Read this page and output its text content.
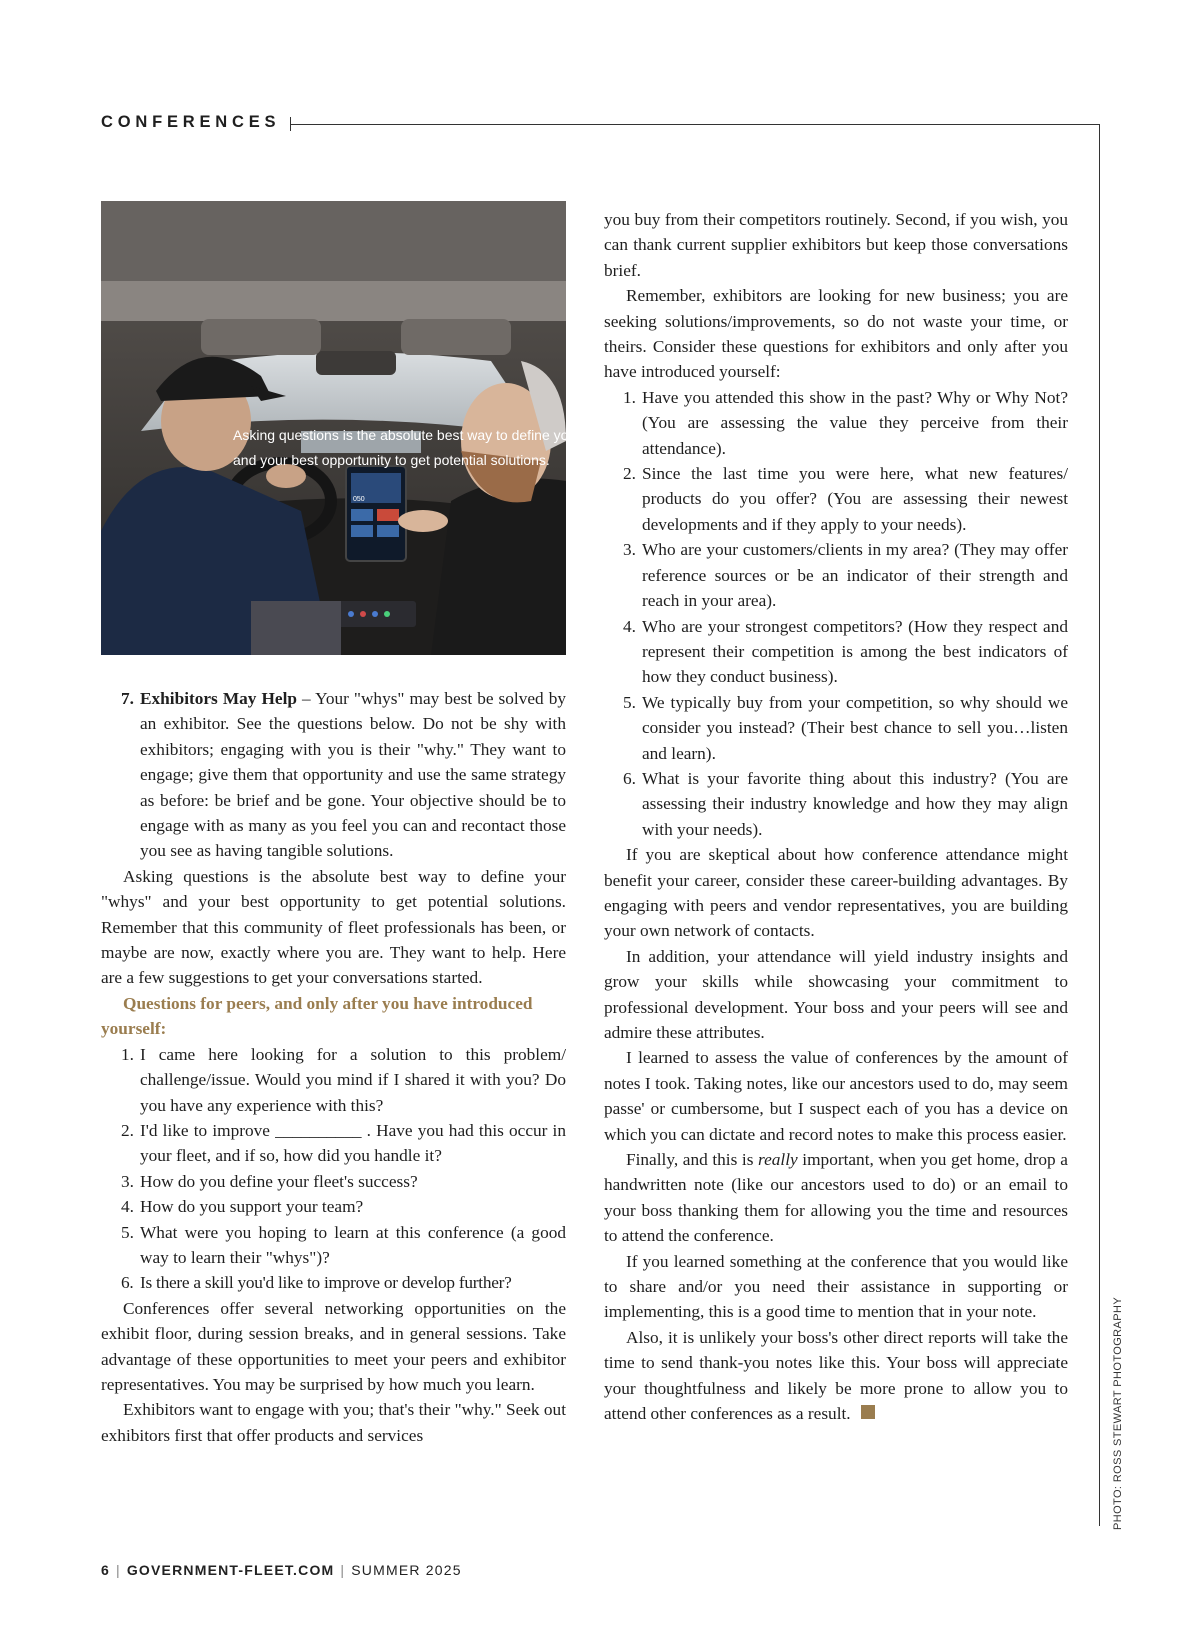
CONFERENCES
050
Asking questions is the absolute best way to define your "whys"
and your best opportunity to get potential solutions.
PHOTO: ROSS STEWART PHOTOGRAPHY
7. Exhibitors May Help – Your "whys" may best be solved by an exhibitor. See the questions below. Do not be shy with exhibitors; engaging with you is their "why." They want to engage; give them that opportunity and use the same strategy as before: be brief and be gone. Your objective should be to engage with as many as you feel you can and recontact those you see as having tangible solutions.

Asking questions is the absolute best way to define your "whys" and your best opportunity to get potential solutions. Remember that this community of fleet professionals has been, or maybe are now, exactly where you are. They want to help. Here are a few suggestions to get your conversations started.

Questions for peers, and only after you have introduced yourself:

1. I came here looking for a solution to this problem/ challenge/issue. Would you mind if I shared it with you? Do you have any experience with this?
2. I'd like to improve __________ . Have you had this occur in your fleet, and if so, how did you handle it?
3. How do you define your fleet's success?
4. How do you support your team?
5. What were you hoping to learn at this conference (a good way to learn their "whys")?
6. Is there a skill you'd like to improve or develop further?

Conferences offer several networking opportunities on the exhibit floor, during session breaks, and in general sessions. Take advantage of these opportunities to meet your peers and exhibitor representatives. You may be surprised by how much you learn.

Exhibitors want to engage with you; that's their "why." Seek out exhibitors first that offer products and services

you buy from their competitors routinely. Second, if you wish, you can thank current supplier exhibitors but keep those conversations brief.

Remember, exhibitors are looking for new business; you are seeking solutions/improvements, so do not waste your time, or theirs. Consider these questions for exhibitors and only after you have introduced yourself:

1. Have you attended this show in the past? Why or Why Not? (You are assessing the value they perceive from their attendance).
2. Since the last time you were here, what new features/ products do you offer? (You are assessing their newest developments and if they apply to your needs).
3. Who are your customers/clients in my area? (They may offer reference sources or be an indicator of their strength and reach in your area).
4. Who are your strongest competitors? (How they respect and represent their competition is among the best indicators of how they conduct business).
5. We typically buy from your competition, so why should we consider you instead? (Their best chance to sell you…listen and learn).
6. What is your favorite thing about this industry? (You are assessing their industry knowledge and how they may align with your needs).

If you are skeptical about how conference attendance might benefit your career, consider these career-building advantages. By engaging with peers and vendor representatives, you are building your own network of contacts.

In addition, your attendance will yield industry insights and grow your skills while showcasing your commitment to professional development. Your boss and your peers will see and admire these attributes.

I learned to assess the value of conferences by the amount of notes I took. Taking notes, like our ancestors used to do, may seem passe' or cumbersome, but I suspect each of you has a device on which you can dictate and record notes to make this process easier.

Finally, and this is really important, when you get home, drop a handwritten note (like our ancestors used to do) or an email to your boss thanking them for allowing you the time and resources to attend the conference.

If you learned something at the conference that you would like to share and/or you need their assistance in supporting or implementing, this is a good time to mention that in your note.

Also, it is unlikely your boss's other direct reports will take the time to send thank-you notes like this. Your boss will appreciate your thoughtfulness and likely be more prone to allow you to attend other conferences as a result.

6 | GOVERNMENT-FLEET.COM | SUMMER 2025
